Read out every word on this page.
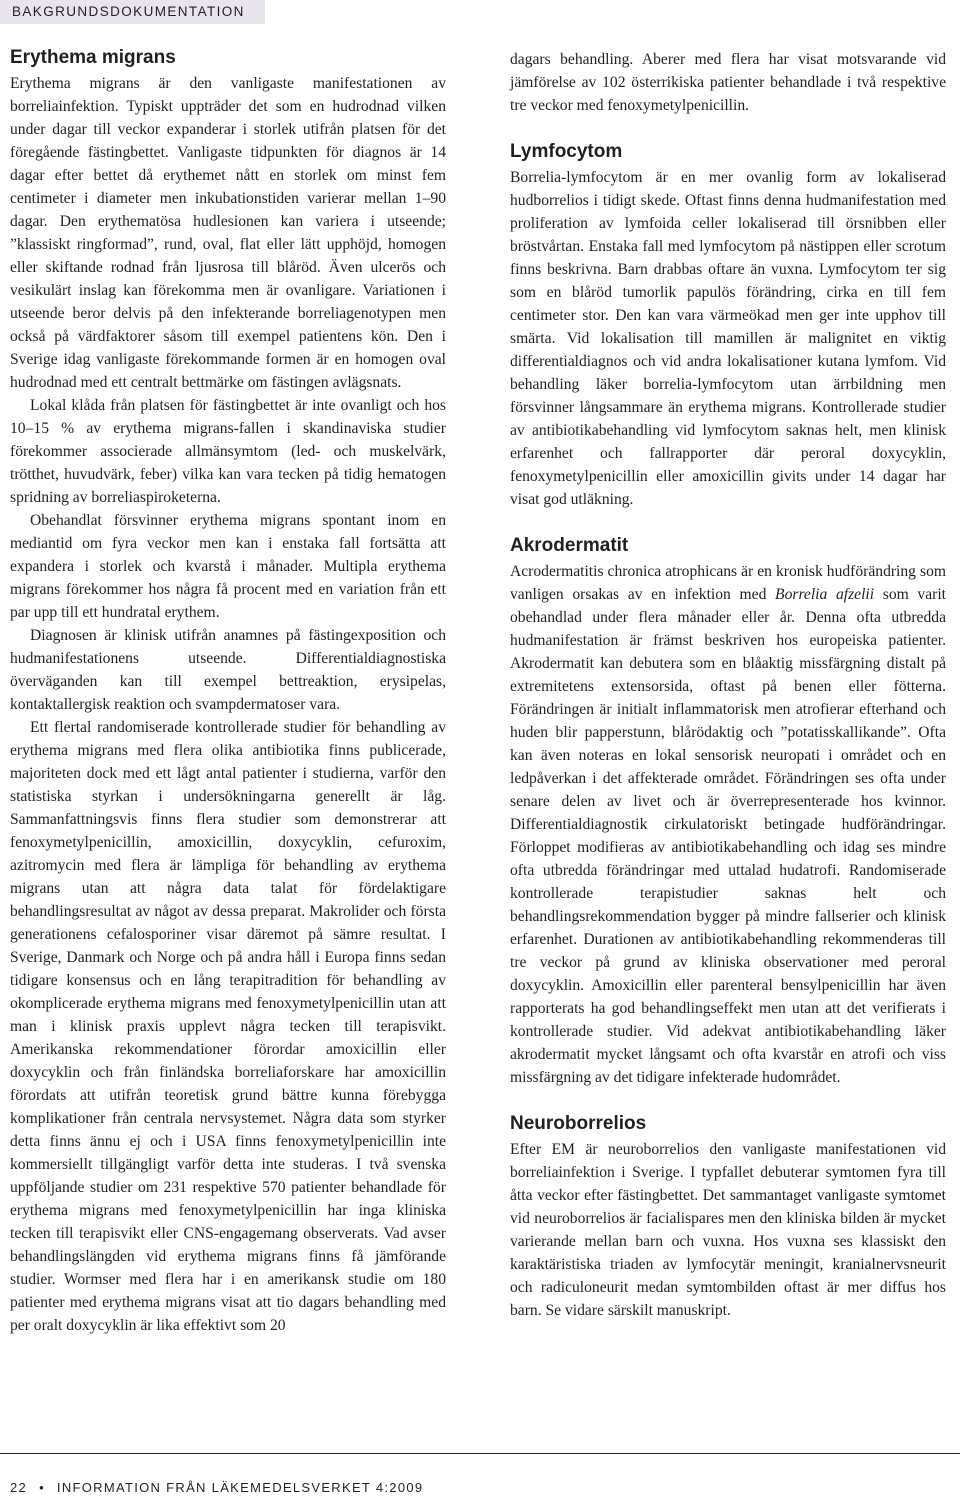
BAKGRUNDSDOKUMENTATION
Erythema migrans

Erythema migrans är den vanligaste manifestationen av borreliainfektion. Typiskt uppträder det som en hudrodnad vilken under dagar till veckor expanderar i storlek utifrån platsen för det föregående fästingbettet. Vanligaste tidpunkten för diagnos är 14 dagar efter bettet då erythemet nått en storlek om minst fem centimeter i diameter men inkubationstiden varierar mellan 1–90 dagar. Den erythematösa hudlesionen kan variera i utseende; ”klassiskt ringformad”, rund, oval, flat eller lätt upphöjd, homogen eller skiftande rodnad från ljusrosa till blåröd. Även ulcerös och vesikulärt inslag kan förekomma men är ovanligare. Variationen i utseende beror delvis på den infekterande borreliagenotypen men också på värdfaktorer såsom till exempel patientens kön. Den i Sverige idag vanligaste förekommande formen är en homogen oval hudrodnad med ett centralt bettmärke om fästingen avlägsnats.

Lokal klåda från platsen för fästingbettet är inte ovanligt och hos 10–15 % av erythema migrans-fallen i skandinaviska studier förekommer associerade allmänsymtom (led- och muskelvärk, trötthet, huvudvärk, feber) vilka kan vara tecken på tidig hematogen spridning av borreliaspiroketerna.

Obehandlat försvinner erythema migrans spontant inom en mediantid om fyra veckor men kan i enstaka fall fortsätta att expandera i storlek och kvarstå i månader. Multipla erythema migrans förekommer hos några få procent med en variation från ett par upp till ett hundratal erythem.

Diagnosen är klinisk utifrån anamnes på fästingexposition och hudmanifestationens utseende. Differentialdiagnostiska överväganden kan till exempel bettreaktion, erysipelas, kontaktallergisk reaktion och svampdermatoser vara.

Ett flertal randomiserade kontrollerade studier för behandling av erythema migrans med flera olika antibiotika finns publicerade, majoriteten dock med ett lågt antal patienter i studierna, varför den statistiska styrkan i undersökningarna generellt är låg. Sammanfattningsvis finns flera studier som demonstrerar att fenoxymetylpenicillin, amoxicillin, doxycyklin, cefuroxim, azitromycin med flera är lämpliga för behandling av erythema migrans utan att några data talat för fördelaktigare behandlingsresultat av något av dessa preparat. Makrolider och första generationens cefalosporiner visar däremot på sämre resultat. I Sverige, Danmark och Norge och på andra håll i Europa finns sedan tidigare konsensus och en lång terapitradition för behandling av okomplicerade erythema migrans med fenoxymetylpenicillin utan att man i klinisk praxis upplevt några tecken till terapisvikt. Amerikanska rekommendationer förordar amoxicillin eller doxycyklin och från finländska borreliaforskare har amoxicillin förordats att utifrån teoretisk grund bättre kunna förebygga komplikationer från centrala nervsystemet. Några data som styrker detta finns ännu ej och i USA finns fenoxymetylpenicillin inte kommersiellt tillgängligt varför detta inte studeras. I två svenska uppföljande studier om 231 respektive 570 patienter behandlade för erythema migrans med fenoxymetylpenicillin har inga kliniska tecken till terapisvikt eller CNS-engagemang observerats. Vad avser behandlingslängden vid erythema migrans finns få jämförande studier. Wormser med flera har i en amerikansk studie om 180 patienter med erythema migrans visat att tio dagars behandling med per oralt doxycyklin är lika effektivt som 20

dagars behandling. Aberer med flera har visat motsvarande vid jämförelse av 102 österrikiska patienter behandlade i två respektive tre veckor med fenoxymetylpenicillin.

Lymfocytom

Borrelia-lymfocytom är en mer ovanlig form av lokaliserad hudborrelios i tidigt skede. Oftast finns denna hudmanifestation med proliferation av lymfoida celler lokaliserad till örsnibben eller bröstvårtan. Enstaka fall med lymfocytom på nästippen eller scrotum finns beskrivna. Barn drabbas oftare än vuxna. Lymfocytom ter sig som en blåröd tumorlik papulös förändring, cirka en till fem centimeter stor. Den kan vara värmeökad men ger inte upphov till smärta. Vid lokalisation till mamillen är malignitet en viktig differentialdiagnos och vid andra lokalisationer kutana lymfom. Vid behandling läker borrelia-lymfocytom utan ärrbildning men försvinner långsammare än erythema migrans. Kontrollerade studier av antibiotikabehandling vid lymfocytom saknas helt, men klinisk erfarenhet och fallrapporter där peroral doxycyklin, fenoxymetylpenicillin eller amoxicillin givits under 14 dagar har visat god utläkning.

Akrodermatit

Acrodermatitis chronica atrophicans är en kronisk hudförändring som vanligen orsakas av en infektion med Borrelia afzelii som varit obehandlad under flera månader eller år. Denna ofta utbredda hudmanifestation är främst beskriven hos europeiska patienter. Akrodermatit kan debutera som en blåaktig missfärgning distalt på extremitetens extensorsida, oftast på benen eller fötterna. Förändringen är initialt inflammatorisk men atrofierar efterhand och huden blir papperstunn, blårödaktig och ”potatisskallikande”. Ofta kan även noteras en lokal sensorisk neuropati i området och en ledpåverkan i det affekterade området. Förändringen ses ofta under senare delen av livet och är överrepresenterade hos kvinnor. Differentialdiagnostik cirkulatoriskt betingade hudförändringar. Förloppet modifieras av antibiotikabehandling och idag ses mindre ofta utbredda förändringar med uttalad hudatrofi. Randomiserade kontrollerade terapistudier saknas helt och behandlingsrekommendation bygger på mindre fallserier och klinisk erfarenhet. Durationen av antibiotikabehandling rekommenderas till tre veckor på grund av kliniska observationer med peroral doxycyklin. Amoxicillin eller parenteral bensylpenicillin har även rapporterats ha god behandlingseffekt men utan att det verifierats i kontrollerade studier. Vid adekvat antibiotikabehandling läker akrodermatit mycket långsamt och ofta kvarstår en atrofi och viss missfärgning av det tidigare infekterade hudområdet.

Neuroborrelios

Efter EM är neuroborrelios den vanligaste manifestationen vid borreliainfektion i Sverige. I typfallet debuterar symtomen fyra till åtta veckor efter fästingbettet. Det sammantaget vanligaste symtomet vid neuroborrelios är facialispares men den kliniska bilden är mycket varierande mellan barn och vuxna. Hos vuxna ses klassiskt den karaktäristiska triaden av lymfocytär meningit, kranialnervsneurit och radiculoneurit medan symtombilden oftast är mer diffus hos barn. Se vidare särskilt manuskript.

22 • INFORMATION FRÅN LÄKEMEDELSVERKET 4:2009
